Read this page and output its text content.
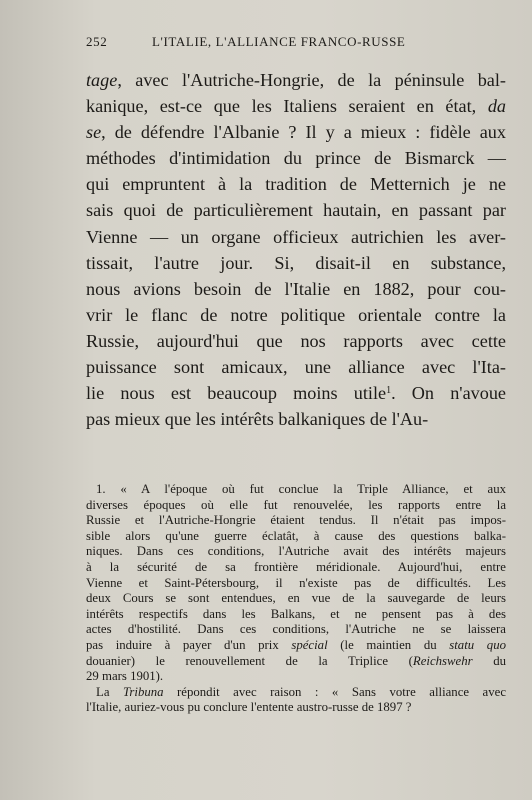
252	L'ITALIE, L'ALLIANCE FRANCO-RUSSE
tage, avec l'Autriche-Hongrie, de la péninsule bal-
kanique, est-ce que les Italiens seraient en état, da
se, de défendre l'Albanie ? Il y a mieux : fidèle aux
méthodes d'intimidation du prince de Bismarck —
qui empruntent à la tradition de Metternich je ne
sais quoi de particulièrement hautain, en passant par
Vienne — un organe officieux autrichien les aver-
tissait, l'autre jour. Si, disait-il en substance,
nous avions besoin de l'Italie en 1882, pour cou-
vrir le flanc de notre politique orientale contre la
Russie, aujourd'hui que nos rapports avec cette
puissance sont amicaux, une alliance avec l'Ita-
lie nous est beaucoup moins utile$^1$. On n'avoue
pas mieux que les intérêts balkaniques de l'Au-
1. « A l'époque où fut conclue la Triple Alliance, et aux
diverses époques où elle fut renouvelée, les rapports entre la
Russie et l'Autriche-Hongrie étaient tendus. Il n'était pas impos-
sible alors qu'une guerre éclatât, à cause des questions balka-
niques. Dans ces conditions, l'Autriche avait des intérêts majeurs
à la sécurité de sa frontière méridionale. Aujourd'hui, entre
Vienne et Saint-Pétersbourg, il n'existe pas de difficultés. Les
deux Cours se sont entendues, en vue de la sauvegarde de leurs
intérêts respectifs dans les Balkans, et ne pensent pas à des
actes d'hostilité. Dans ces conditions, l'Autriche ne se laissera
pas induire à payer d'un prix spécial (le maintien du statu quo
douanier) le renouvellement de la Triplice (Reichswehr du
29 mars 1901).
La Tribuna répondit avec raison : « Sans votre alliance avec
l'Italie, auriez-vous pu conclure l'entente austro-russe de 1897 ?
